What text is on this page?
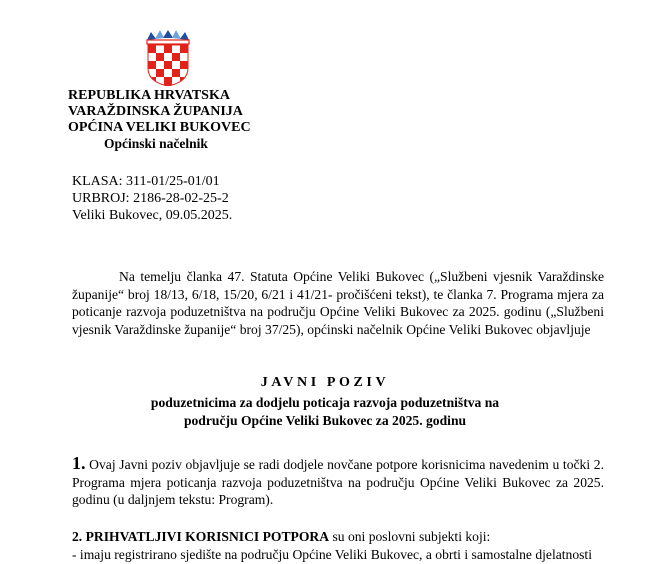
REPUBLIKA HRVATSKA
VARAŽDINSKA ŽUPANIJA
OPĆINA VELIKI BUKOVEC
Općinski načelnik
KLASA: 311-01/25-01/01
URBROJ: 2186-28-02-25-2
Veliki Bukovec, 09.05.2025.
Na temelju članka 47. Statuta Općine Veliki Bukovec („Službeni vjesnik Varaždinske županije“ broj 18/13, 6/18, 15/20, 6/21 i 41/21- pročišćeni tekst), te članka 7. Programa mjera za poticanje razvoja poduzetništva na području Općine Veliki Bukovec za 2025. godinu („Službeni vjesnik Varaždinske županije“ broj 37/25), općinski načelnik Općine Veliki Bukovec objavljuje
JAVNI POZIV
poduzetnicima za dodjelu poticaja razvoja poduzetništva na
području Općine Veliki Bukovec za 2025. godinu
1. Ovaj Javni poziv objavljuje se radi dodjele novčane potpore korisnicima navedenim u točki 2. Programa mjera poticanja razvoja poduzetništva na području Općine Veliki Bukovec za 2025. godinu (u daljnjem tekstu: Program).
2. PRIHVATLJIVI KORISNICI POTPORA su oni poslovni subjekti koji:
- imaju registrirano sjedište na području Općine Veliki Bukovec, a obrti i samostalne djelatnosti
